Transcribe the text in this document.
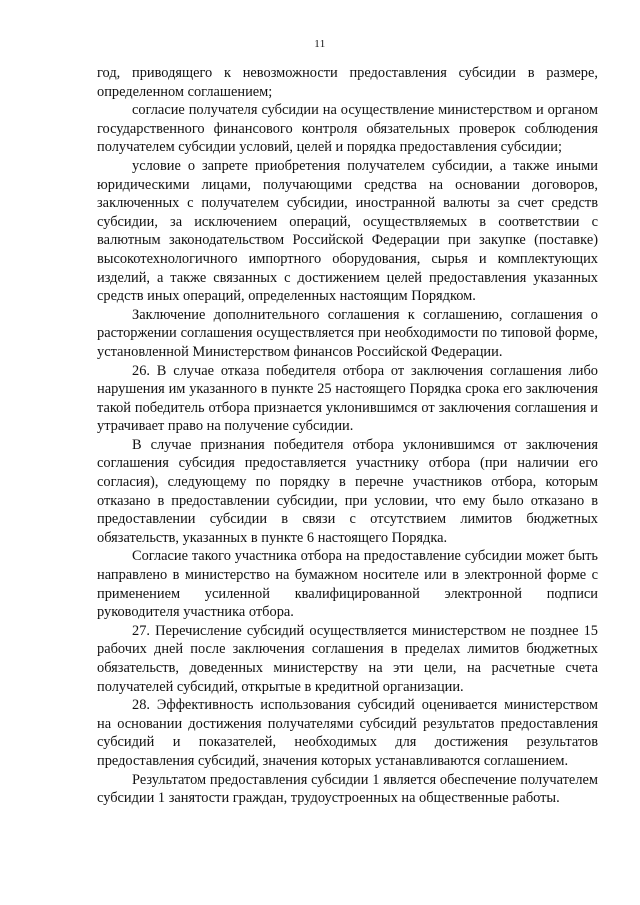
11

год, приводящего к невозможности предоставления субсидии в размере, определенном соглашением;

согласие получателя субсидии на осуществление министерством и органом государственного финансового контроля обязательных проверок соблюдения получателем субсидии условий, целей и порядка предоставления субсидии;

условие о запрете приобретения получателем субсидии, а также иными юридическими лицами, получающими средства на основании договоров, заключенных с получателем субсидии, иностранной валюты за счет средств субсидии, за исключением операций, осуществляемых в соответствии с валютным законодательством Российской Федерации при закупке (поставке) высокотехнологичного импортного оборудования, сырья и комплектующих изделий, а также связанных с достижением целей предоставления указанных средств иных операций, определенных настоящим Порядком.

Заключение дополнительного соглашения к соглашению, соглашения о расторжении соглашения осуществляется при необходимости по типовой форме, установленной Министерством финансов Российской Федерации.

26. В случае отказа победителя отбора от заключения соглашения либо нарушения им указанного в пункте 25 настоящего Порядка срока его заключения такой победитель отбора признается уклонившимся от заключения соглашения и утрачивает право на получение субсидии.

В случае признания победителя отбора уклонившимся от заключения соглашения субсидия предоставляется участнику отбора (при наличии его согласия), следующему по порядку в перечне участников отбора, которым отказано в предоставлении субсидии, при условии, что ему было отказано в предоставлении субсидии в связи с отсутствием лимитов бюджетных обязательств, указанных в пункте 6 настоящего Порядка.

Согласие такого участника отбора на предоставление субсидии может быть направлено в министерство на бумажном носителе или в электронной форме с применением усиленной квалифицированной электронной подписи руководителя участника отбора.

27. Перечисление субсидий осуществляется министерством не позднее 15 рабочих дней после заключения соглашения в пределах лимитов бюджетных обязательств, доведенных министерству на эти цели, на расчетные счета получателей субсидий, открытые в кредитной организации.

28. Эффективность использования субсидий оценивается министерством на основании достижения получателями субсидий результатов предоставления субсидий и показателей, необходимых для достижения результатов предоставления субсидий, значения которых устанавливаются соглашением.

Результатом предоставления субсидии 1 является обеспечение получателем субсидии 1 занятости граждан, трудоустроенных на общественные работы.
